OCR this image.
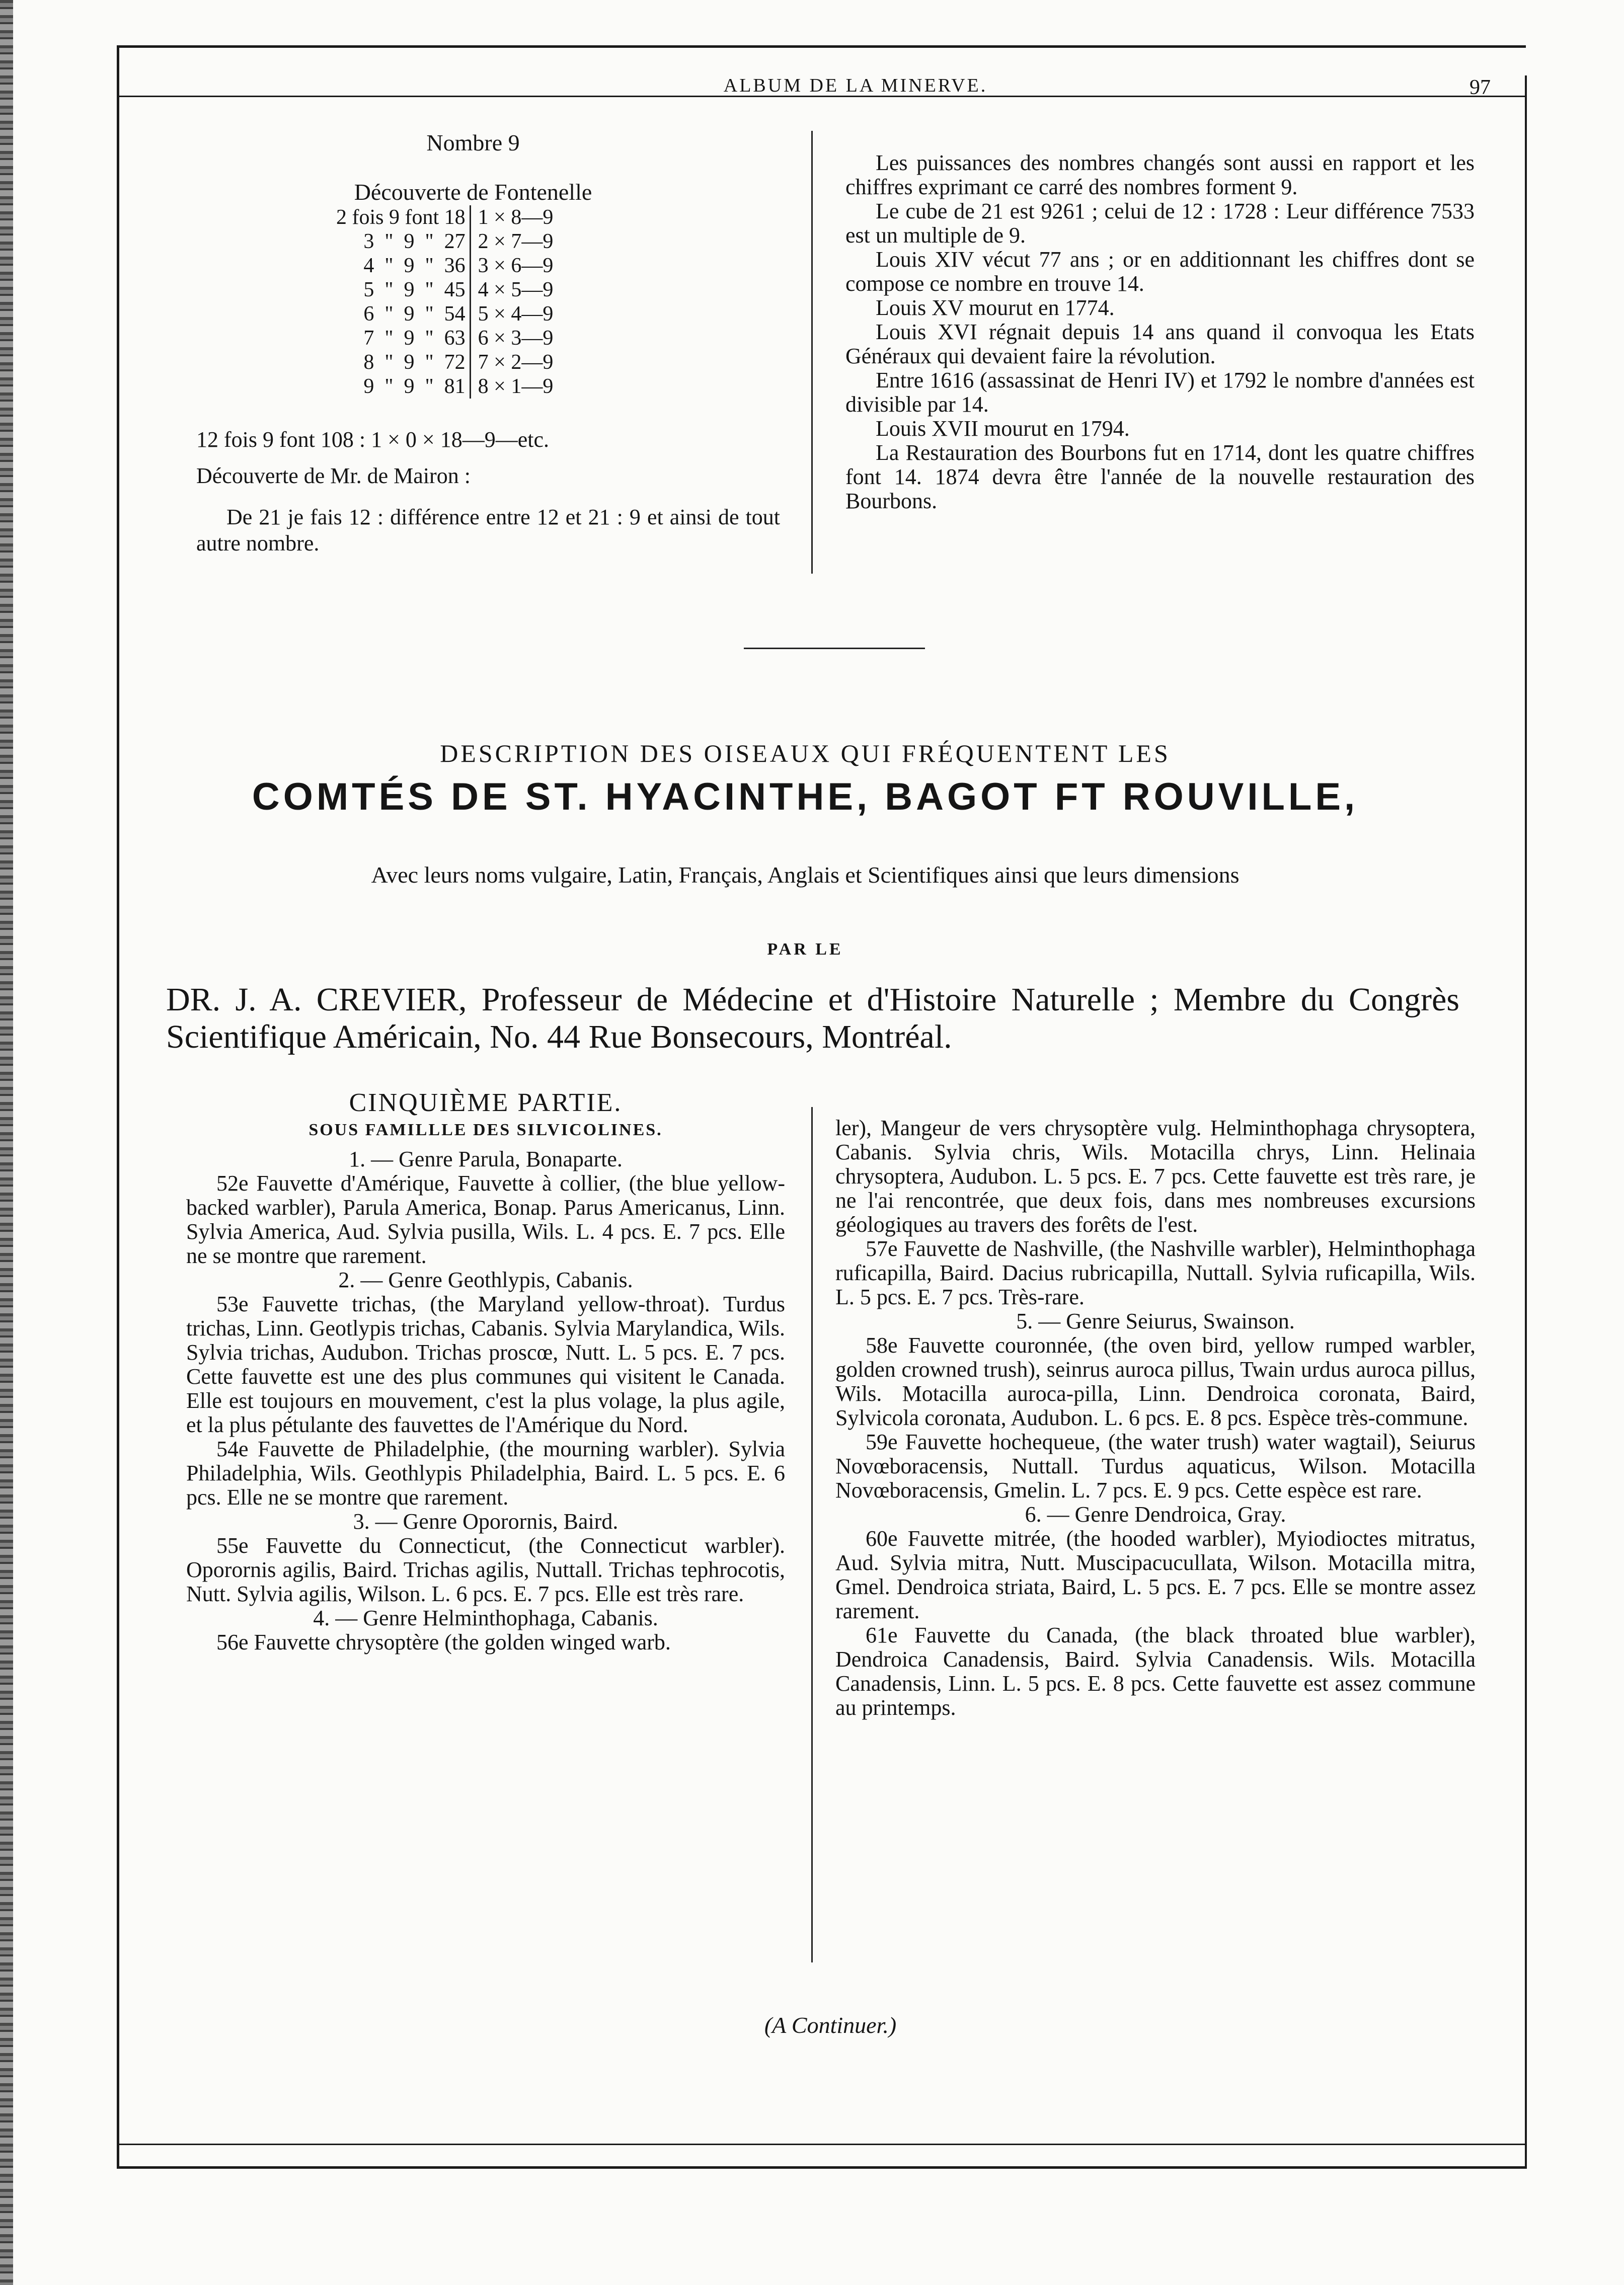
ALBUM DE LA MINERVE.	97
Nombre 9
Découverte de Fontenelle
2 fois 9 font 18	1 × 8—9
3  "  9  "  27	2 × 7—9
4  "  9  "  36	3 × 6—9
5  "  9  "  45	4 × 5—9
6  "  9  "  54	5 × 4—9
7  "  9  "  63	6 × 3—9
8  "  9  "  72	7 × 2—9
9  "  9  "  81	8 × 1—9

12 fois 9 font 108 : 1 × 0 × 18—9—etc.

Découverte de Mr. de Mairon :

De 21 je fais 12 : différence entre 12 et 21 : 9 et ainsi de tout autre nombre.

Les puissances des nombres changés sont aussi en rapport et les chiffres exprimant ce carré des nombres forment 9.

Le cube de 21 est 9261 ; celui de 12 : 1728 : Leur différence 7533 est un multiple de 9.

Louis XIV vécut 77 ans ; or en additionnant les chiffres dont se compose ce nombre en trouve 14.

Louis XV mourut en 1774.

Louis XVI régnait depuis 14 ans quand il convoqua les Etats Généraux qui devaient faire la révolution.

Entre 1616 (assassinat de Henri IV) et 1792 le nombre d'années est divisible par 14.

Louis XVII mourut en 1794.

La Restauration des Bourbons fut en 1714, dont les quatre chiffres font 14. 1874 devra être l'année de la nouvelle restauration des Bourbons.

DESCRIPTION DES OISEAUX QUI FRÉQUENTENT LES
COMTÉS DE ST. HYACINTHE, BAGOT FT ROUVILLE,
Avec leurs noms vulgaire, Latin, Français, Anglais et Scientifiques ainsi que leurs dimensions
PAR LE
DR. J. A. CREVIER, Professeur de Médecine et d'Histoire Naturelle ; Membre du Congrès Scientifique Américain, No. 44 Rue Bonsecours, Montréal.
CINQUIÈME PARTIE.
SOUS FAMILLLE DES SILVICOLINES.

1. — Genre Parula, Bonaparte.

52e Fauvette d'Amérique, Fauvette à collier, (the blue yellow-backed warbler), Parula America, Bonap. Parus Americanus, Linn. Sylvia America, Aud. Sylvia pusilla, Wils. L. 4 pcs. E. 7 pcs. Elle ne se montre que rarement.

2. — Genre Geothlypis, Cabanis.

53e Fauvette trichas, (the Maryland yellow-throat). Turdus trichas, Linn. Geotlypis trichas, Cabanis. Sylvia Marylandica, Wils. Sylvia trichas, Audubon. Trichas proscœ, Nutt. L. 5 pcs. E. 7 pcs. Cette fauvette est une des plus communes qui visitent le Canada. Elle est toujours en mouvement, c'est la plus volage, la plus agile, et la plus pétulante des fauvettes de l'Amérique du Nord.

54e Fauvette de Philadelphie, (the mourning warbler). Sylvia Philadelphia, Wils. Geothlypis Philadelphia, Baird. L. 5 pcs. E. 6 pcs. Elle ne se montre que rarement.

3. — Genre Oporornis, Baird.

55e Fauvette du Connecticut, (the Connecticut warbler). Oporornis agilis, Baird. Trichas agilis, Nuttall. Trichas tephrocotis, Nutt. Sylvia agilis, Wilson. L. 6 pcs. E. 7 pcs. Elle est très rare.

4. — Genre Helminthophaga, Cabanis.

56e Fauvette chrysoptère (the golden winged warb.

ler), Mangeur de vers chrysoptère vulg. Helminthophaga chrysoptera, Cabanis. Sylvia chris, Wils. Motacilla chrys, Linn. Helinaia chrysoptera, Audubon. L. 5 pcs. E. 7 pcs. Cette fauvette est très rare, je ne l'ai rencontrée, que deux fois, dans mes nombreuses excursions géologiques au travers des forêts de l'est.

57e Fauvette de Nashville, (the Nashville warbler), Helminthophaga ruficapilla, Baird. Dacius rubricapilla, Nuttall. Sylvia ruficapilla, Wils. L. 5 pcs. E. 7 pcs. Très-rare.

5. — Genre Seiurus, Swainson.

58e Fauvette couronnée, (the oven bird, yellow rumped warbler, golden crowned trush), seinrus auroca pillus, Twain urdus auroca pillus, Wils. Motacilla auroca-pilla, Linn. Dendroica coronata, Baird, Sylvicola coronata, Audubon. L. 6 pcs. E. 8 pcs. Espèce très-commune.

59e Fauvette hochequeue, (the water trush) water wagtail), Seiurus Novœboracensis, Nuttall. Turdus aquaticus, Wilson. Motacilla Novœboracensis, Gmelin. L. 7 pcs. E. 9 pcs. Cette espèce est rare.

6. — Genre Dendroica, Gray.

60e Fauvette mitrée, (the hooded warbler), Myiodioctes mitratus, Aud. Sylvia mitra, Nutt. Muscipacucullata, Wilson. Motacilla mitra, Gmel. Dendroica striata, Baird, L. 5 pcs. E. 7 pcs. Elle se montre assez rarement.

61e Fauvette du Canada, (the black throated blue warbler), Dendroica Canadensis, Baird. Sylvia Canadensis. Wils. Motacilla Canadensis, Linn. L. 5 pcs. E. 8 pcs. Cette fauvette est assez commune au printemps.

(A Continuer.)
